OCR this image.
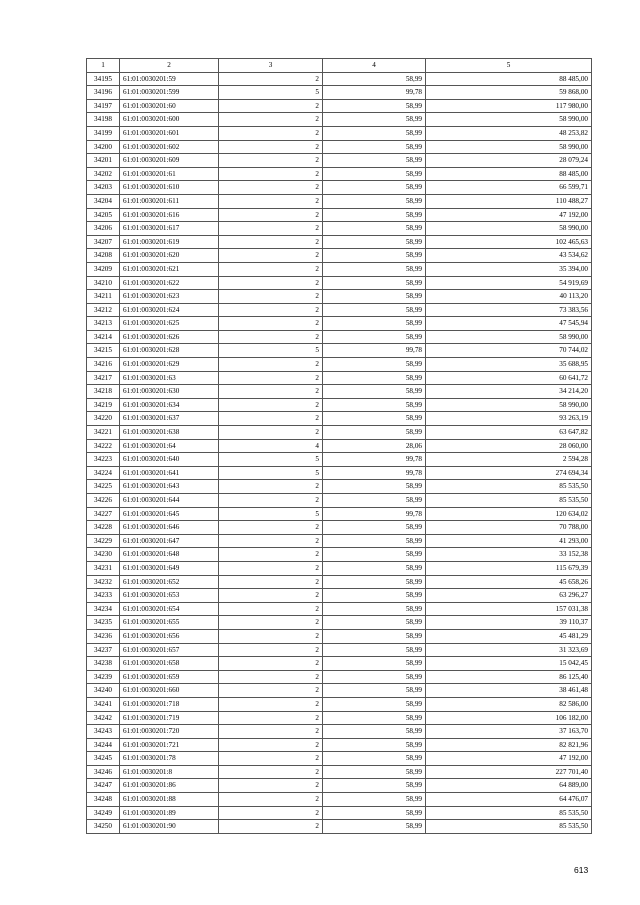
1	2	3	4	5
34195	61:01:0030201:59	2	58,99	88 485,00
34196	61:01:0030201:599	5	99,78	59 868,00
34197	61:01:0030201:60	2	58,99	117 980,00
34198	61:01:0030201:600	2	58,99	58 990,00
34199	61:01:0030201:601	2	58,99	48 253,82
34200	61:01:0030201:602	2	58,99	58 990,00
34201	61:01:0030201:609	2	58,99	28 079,24
34202	61:01:0030201:61	2	58,99	88 485,00
34203	61:01:0030201:610	2	58,99	66 599,71
34204	61:01:0030201:611	2	58,99	110 488,27
34205	61:01:0030201:616	2	58,99	47 192,00
34206	61:01:0030201:617	2	58,99	58 990,00
34207	61:01:0030201:619	2	58,99	102 465,63
34208	61:01:0030201:620	2	58,99	43 534,62
34209	61:01:0030201:621	2	58,99	35 394,00
34210	61:01:0030201:622	2	58,99	54 919,69
34211	61:01:0030201:623	2	58,99	40 113,20
34212	61:01:0030201:624	2	58,99	73 383,56
34213	61:01:0030201:625	2	58,99	47 545,94
34214	61:01:0030201:626	2	58,99	58 990,00
34215	61:01:0030201:628	5	99,78	70 744,02
34216	61:01:0030201:629	2	58,99	35 688,95
34217	61:01:0030201:63	2	58,99	60 641,72
34218	61:01:0030201:630	2	58,99	34 214,20
34219	61:01:0030201:634	2	58,99	58 990,00
34220	61:01:0030201:637	2	58,99	93 263,19
34221	61:01:0030201:638	2	58,99	63 647,82
34222	61:01:0030201:64	4	28,06	28 060,00
34223	61:01:0030201:640	5	99,78	2 594,28
34224	61:01:0030201:641	5	99,78	274 694,34
34225	61:01:0030201:643	2	58,99	85 535,50
34226	61:01:0030201:644	2	58,99	85 535,50
34227	61:01:0030201:645	5	99,78	120 634,02
34228	61:01:0030201:646	2	58,99	70 788,00
34229	61:01:0030201:647	2	58,99	41 293,00
34230	61:01:0030201:648	2	58,99	33 152,38
34231	61:01:0030201:649	2	58,99	115 679,39
34232	61:01:0030201:652	2	58,99	45 658,26
34233	61:01:0030201:653	2	58,99	63 296,27
34234	61:01:0030201:654	2	58,99	157 031,38
34235	61:01:0030201:655	2	58,99	39 110,37
34236	61:01:0030201:656	2	58,99	45 481,29
34237	61:01:0030201:657	2	58,99	31 323,69
34238	61:01:0030201:658	2	58,99	15 042,45
34239	61:01:0030201:659	2	58,99	86 125,40
34240	61:01:0030201:660	2	58,99	38 461,48
34241	61:01:0030201:718	2	58,99	82 586,00
34242	61:01:0030201:719	2	58,99	106 182,00
34243	61:01:0030201:720	2	58,99	37 163,70
34244	61:01:0030201:721	2	58,99	82 821,96
34245	61:01:0030201:78	2	58,99	47 192,00
34246	61:01:0030201:8	2	58,99	227 701,40
34247	61:01:0030201:86	2	58,99	64 889,00
34248	61:01:0030201:88	2	58,99	64 476,07
34249	61:01:0030201:89	2	58,99	85 535,50
34250	61:01:0030201:90	2	58,99	85 535,50
613
